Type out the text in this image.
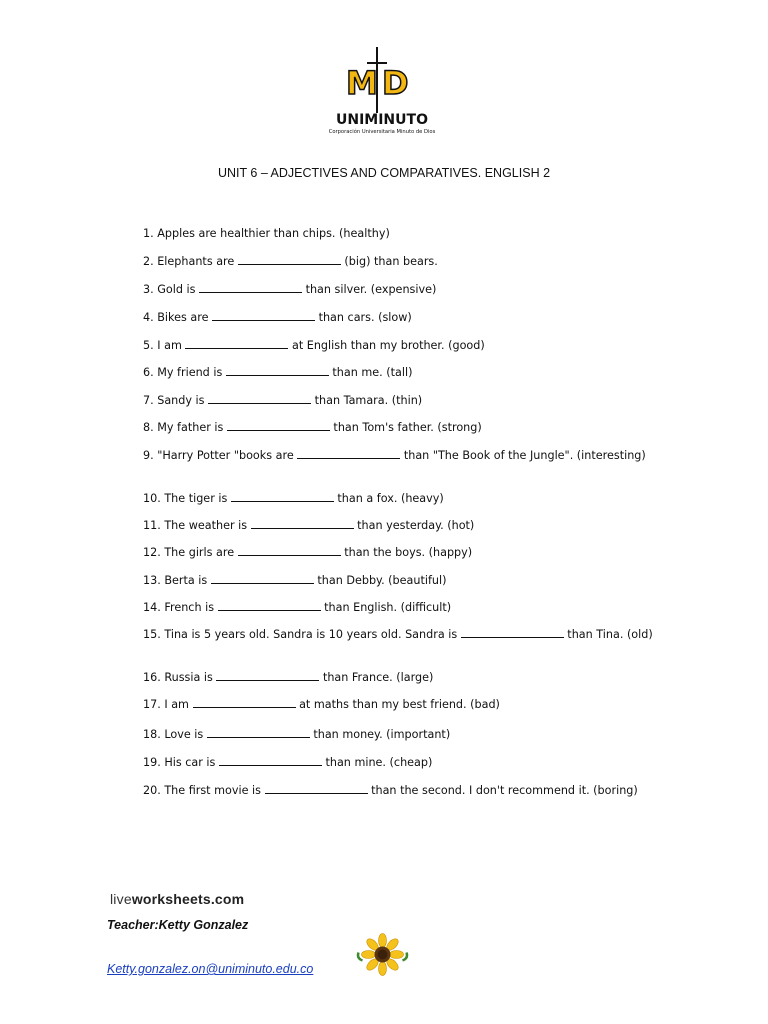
M D
UNIMINUTO
Corporación Universitaria Minuto de Dios
UNIT 6 – ADJECTIVES AND COMPARATIVES. ENGLISH 2
1. Apples are healthier than chips. (healthy)
2. Elephants are	(big) than bears.
3. Gold is	than silver. (expensive)
4. Bikes are	than cars. (slow)
5. I am	at English than my brother. (good)
6. My friend is	than me. (tall)
7. Sandy is	than Tamara. (thin)
8. My father is	than Tom's father. (strong)
9. "Harry Potter "books are	than "The Book of the Jungle". (interesting)
10. The tiger is	than a fox. (heavy)
11. The weather is	than yesterday. (hot)
12. The girls are	than the boys. (happy)
13. Berta is	than Debby. (beautiful)
14. French is	than English. (difficult)
15. Tina is 5 years old. Sandra is 10 years old. Sandra is	than Tina. (old)
16. Russia is	than France. (large)
17. I am	at maths than my best friend. (bad)
18. Love is	than money. (important)
19. His car is	than mine. (cheap)
20. The first movie is	than the second. I don't recommend it. (boring)
liveworksheets.com
Teacher:Ketty Gonzalez
Ketty.gonzalez.on@uniminuto.edu.co
